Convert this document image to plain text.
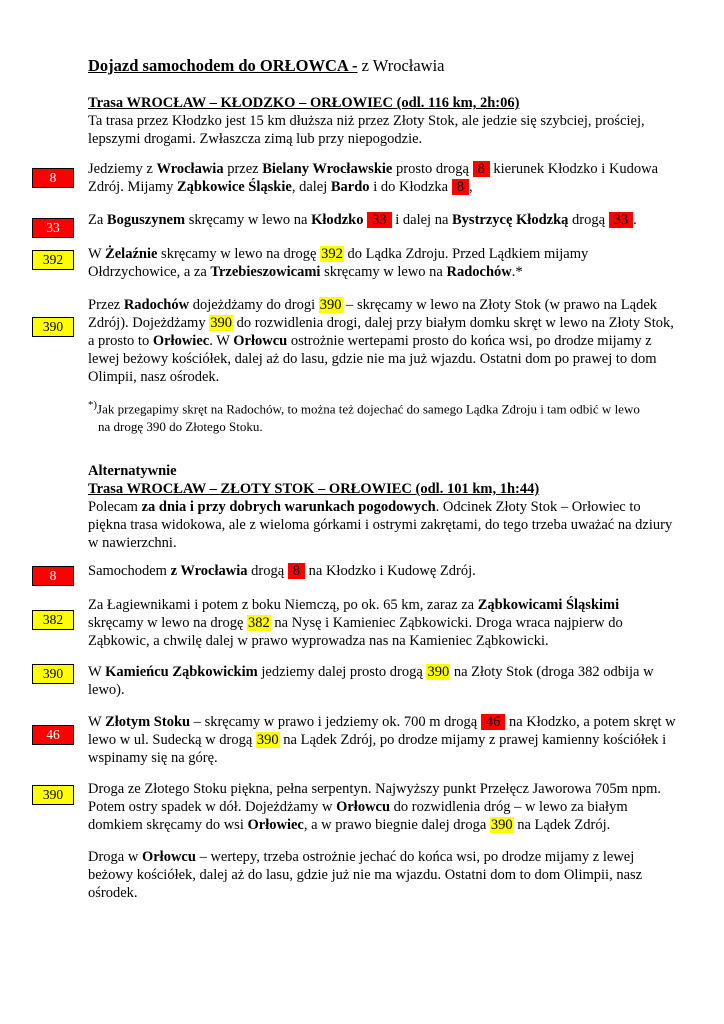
Dojazd samochodem do ORŁOWCA - z Wrocławia
Trasa WROCŁAW – KŁODZKO – ORŁOWIEC (odl. 116 km, 2h:06)
Ta trasa przez Kłodzko jest 15 km dłuższa niż przez Złoty Stok, ale jedzie się szybciej, prościej, lepszymi drogami. Zwłaszcza zimą lub przy niepogodzie.
8
Jedziemy z Wrocławia przez Bielany Wrocławskie prosto drogą 8 kierunek Kłodzko i Kudowa Zdrój. Mijamy Ząbkowice Śląskie, dalej Bardo i do Kłodzka 8 ,
33	Za Boguszynem skręcamy w lewo na Kłodzko 33 i dalej na Bystrzycę Kłodzką drogą 33 .
392	W Żelaźnie skręcamy w lewo na drogę 392 do Lądka Zdroju. Przed Lądkiem mijamy Ołdrzychowice, a za Trzebieszowicami skręcamy w lewo na Radochów.*
390
Przez Radochów dojeżdżamy do drogi 390 – skręcamy w lewo na Złoty Stok (w prawo na Lądek Zdrój). Dojeżdżamy 390 do rozwidlenia drogi, dalej przy białym domku skręt w lewo na Złoty Stok, a prosto to Orłowiec. W Orłowcu ostrożnie wertepami prosto do końca wsi, po drodze mijamy z lewej beżowy kościółek, dalej aż do lasu, gdzie nie ma już wjazdu. Ostatni dom po prawej to dom Olimpii, nasz ośrodek.
*)Jak przegapimy skręt na Radochów, to można też dojechać do samego Lądka Zdroju i tam odbić w lewo
na drogę 390 do Złotego Stoku.
Alternatywnie
Trasa WROCŁAW – ZŁOTY STOK – ORŁOWIEC (odl. 101 km, 1h:44)
Polecam za dnia i przy dobrych warunkach pogodowych. Odcinek Złoty Stok – Orłowiec to piękna trasa widokowa, ale z wieloma górkami i ostrymi zakrętami, do tego trzeba uważać na dziury w nawierzchni.
8	Samochodem z Wrocławia drogą 8 na Kłodzko i Kudowę Zdrój.
382
Za Łagiewnikami i potem z boku Niemczą, po ok. 65 km, zaraz za Ząbkowicami Śląskimi skręcamy w lewo na drogę 382 na Nysę i Kamieniec Ząbkowicki. Droga wraca najpierw do Ząbkowic, a chwilę dalej w prawo wyprowadza nas na Kamieniec Ząbkowicki.
390	W Kamieńcu Ząbkowickim jedziemy dalej prosto drogą 390 na Złoty Stok (droga 382 odbija w lewo).
46
W Złotym Stoku – skręcamy w prawo i jedziemy ok. 700 m drogą 46 na Kłodzko, a potem skręt w lewo w ul. Sudecką w drogą 390 na Lądek Zdrój, po drodze mijamy z prawej kamienny kościółek i wspinamy się na górę.
390	Droga ze Złotego Stoku piękna, pełna serpentyn. Najwyższy punkt Przełęcz Jaworowa 705m npm. Potem ostry spadek w dół. Dojeżdżamy w Orłowcu do rozwidlenia dróg – w lewo za białym domkiem skręcamy do wsi Orłowiec, a w prawo biegnie dalej droga 390 na Lądek Zdrój.
Droga w Orłowcu – wertepy, trzeba ostrożnie jechać do końca wsi, po drodze mijamy z lewej beżowy kościółek, dalej aż do lasu, gdzie już nie ma wjazdu. Ostatni dom to dom Olimpii, nasz ośrodek.
